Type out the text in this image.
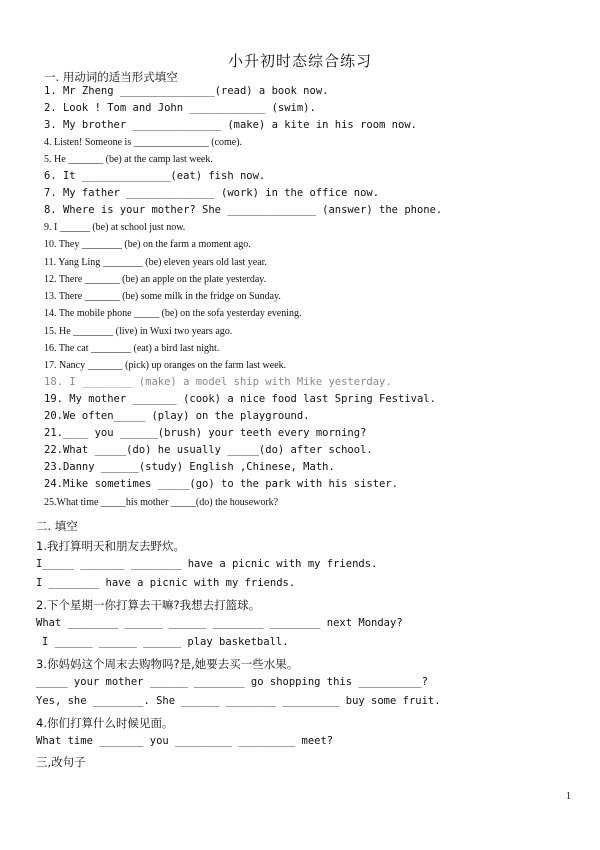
小升初时态综合练习
一. 用动词的适当形式填空
1. Mr Zheng _______________(read) a book now.
2. Look ! Tom and John ____________ (swim).
3. My brother ______________ (make) a kite in his room now.
4. Listen! Someone is _______________ (come).
5. He _______ (be) at the camp last week.
6. It ______________(eat) fish now.
7. My father ______________ (work) in the office now.
8. Where is your mother? She ______________ (answer) the phone.
9. I ______ (be) at school just now.
10. They ________ (be) on the farm a moment ago.
11. Yang Ling ________ (be) eleven years old last year.
12. There _______ (be) an apple on the plate yesterday.
13. There _______ (be) some milk in the fridge on Sunday.
14. The mobile phone _____ (be) on the sofa yesterday evening.
15. He ________ (live) in Wuxi two years ago.
16. The cat ________ (eat) a bird last night.
17. Nancy _______ (pick) up oranges on the farm last week.
18. I ________ (make) a model ship with Mike yesterday.
19. My mother _______ (cook) a nice food last Spring Festival.
20.We often_____ (play) on the playground.
21.____ you ______(brush) your teeth every morning?
22.What _____(do) he usually _____(do) after school.
23.Danny ______(study) English ,Chinese, Math.
24.Mike sometimes _____(go) to the park with his sister.
25.What time _____his mother _____(do) the housework?
二. 填空
1.我打算明天和朋友去野炊。
I_____ _______ ________ have a picnic with my friends.
I ________ have a picnic with my friends.
2.下个星期一你打算去干嘛?我想去打篮球。
What ________ ______ ______ ________ ________ next Monday?
I ______ ______ ______ play basketball.
3.你妈妈这个周末去购物吗?是,她要去买一些水果。
_____ your mother ______ ________ go shopping this __________?
Yes, she ________. She ______ ________ _________ buy some fruit.
4.你们打算什么时候见面。
What time _______ you _________ _________ meet?
三,改句子
1
